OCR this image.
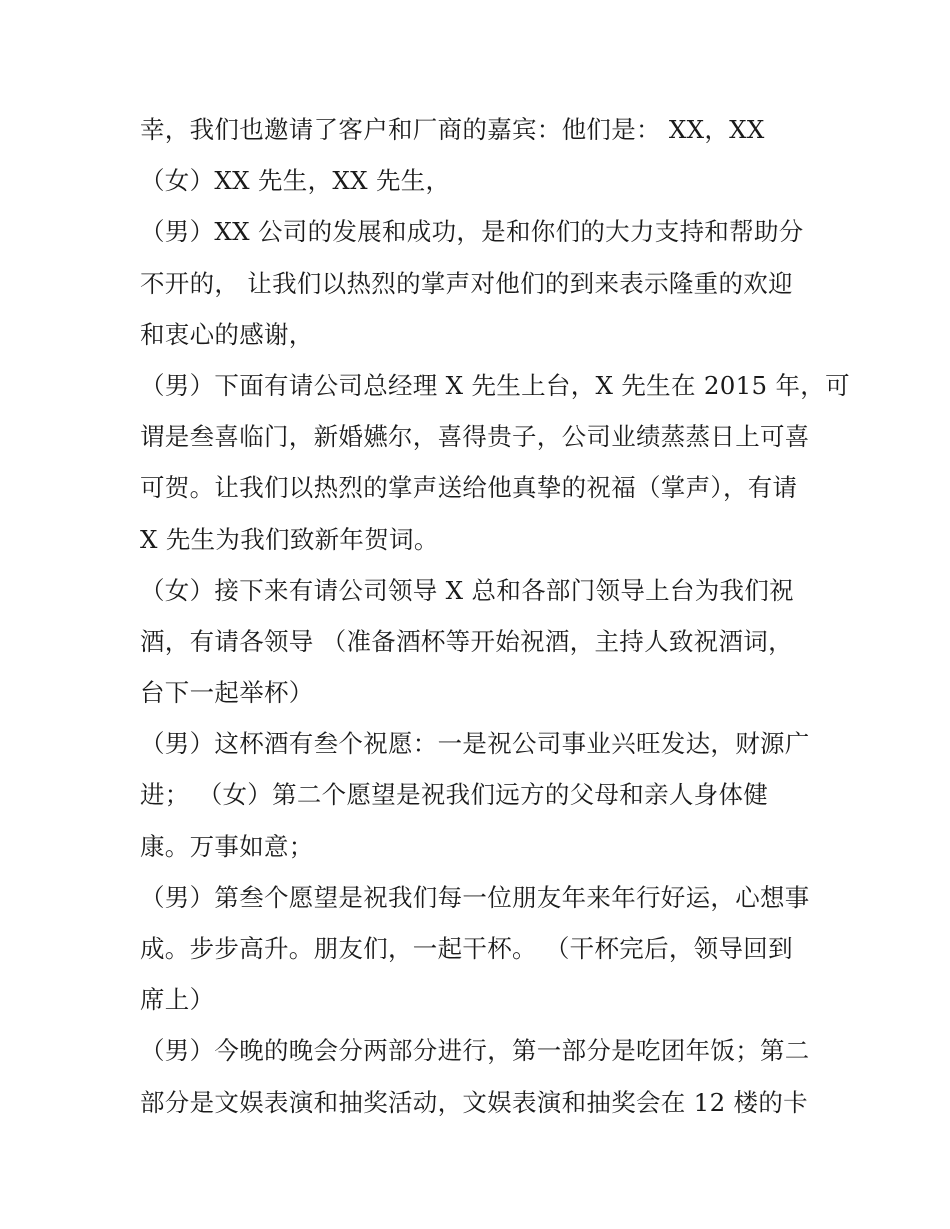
幸，我们也邀请了客户和厂商的嘉宾：他们是： XX，XX
（女）XX 先生，XX 先生，
（男）XX 公司的发展和成功，是和你们的大力支持和帮助分
不开的， 让我们以热烈的掌声对他们的到来表示隆重的欢迎
和衷心的感谢，
（男）下面有请公司总经理 X 先生上台，X 先生在 2015 年，可
谓是叁喜临门，新婚嬿尔，喜得贵子，公司业绩蒸蒸日上可喜
可贺。让我们以热烈的掌声送给他真挚的祝福（掌声），有请
X 先生为我们致新年贺词。
（女）接下来有请公司领导 X 总和各部门领导上台为我们祝
酒，有请各领导 （准备酒杯等开始祝酒，主持人致祝酒词，
台下一起举杯）
（男）这杯酒有叁个祝愿：一是祝公司事业兴旺发达，财源广
进； （女）第二个愿望是祝我们远方的父母和亲人身体健
康。万事如意；
（男）第叁个愿望是祝我们每一位朋友年来年行好运，心想事
成。步步高升。朋友们，一起干杯。 （干杯完后，领导回到
席上）
（男）今晚的晚会分两部分进行，第一部分是吃团年饭；第二
部分是文娱表演和抽奖活动，文娱表演和抽奖会在 12 楼的卡
